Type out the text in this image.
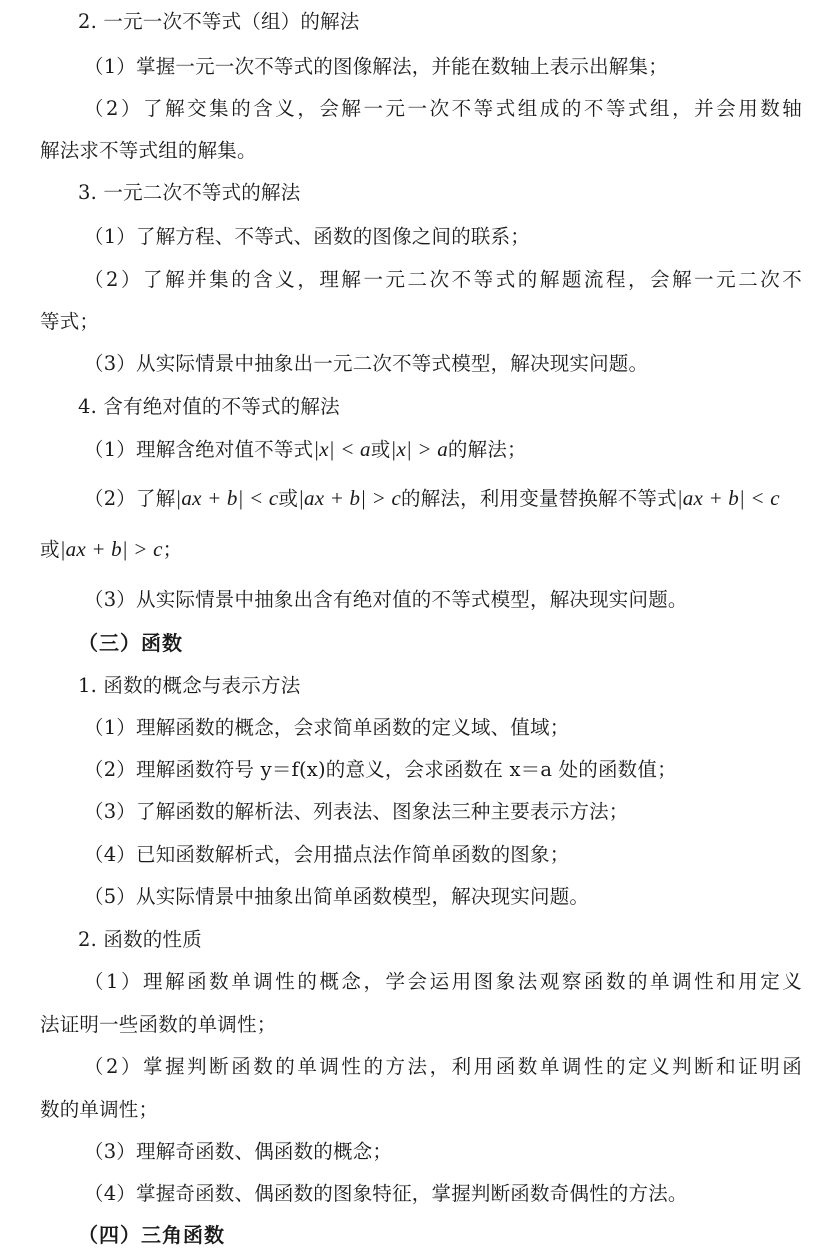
2. 一元一次不等式（组）的解法
（1）掌握一元一次不等式的图像解法，并能在数轴上表示出解集；
（2）了解交集的含义，会解一元一次不等式组成的不等式组，并会用数轴
解法求不等式组的解集。
3. 一元二次不等式的解法
（1）了解方程、不等式、函数的图像之间的联系；
（2）了解并集的含义，理解一元二次不等式的解题流程，会解一元二次不
等式；
（3）从实际情景中抽象出一元二次不等式模型，解决现实问题。
4. 含有绝对值的不等式的解法
（1）理解含绝对值不等式|x| < a或|x| > a的解法；
（2）了解|ax + b| < c或|ax + b| > c的解法，利用变量替换解不等式|ax + b| < c
或|ax + b| > c；
（3）从实际情景中抽象出含有绝对值的不等式模型，解决现实问题。
（三）函数
1. 函数的概念与表示方法
（1）理解函数的概念，会求简单函数的定义域、值域；
（2）理解函数符号 y＝f(x)的意义，会求函数在 x＝a 处的函数值；
（3）了解函数的解析法、列表法、图象法三种主要表示方法；
（4）已知函数解析式，会用描点法作简单函数的图象；
（5）从实际情景中抽象出简单函数模型，解决现实问题。
2. 函数的性质
（1）理解函数单调性的概念，学会运用图象法观察函数的单调性和用定义
法证明一些函数的单调性；
（2）掌握判断函数的单调性的方法，利用函数单调性的定义判断和证明函
数的单调性；
（3）理解奇函数、偶函数的概念；
（4）掌握奇函数、偶函数的图象特征，掌握判断函数奇偶性的方法。
（四）三角函数
